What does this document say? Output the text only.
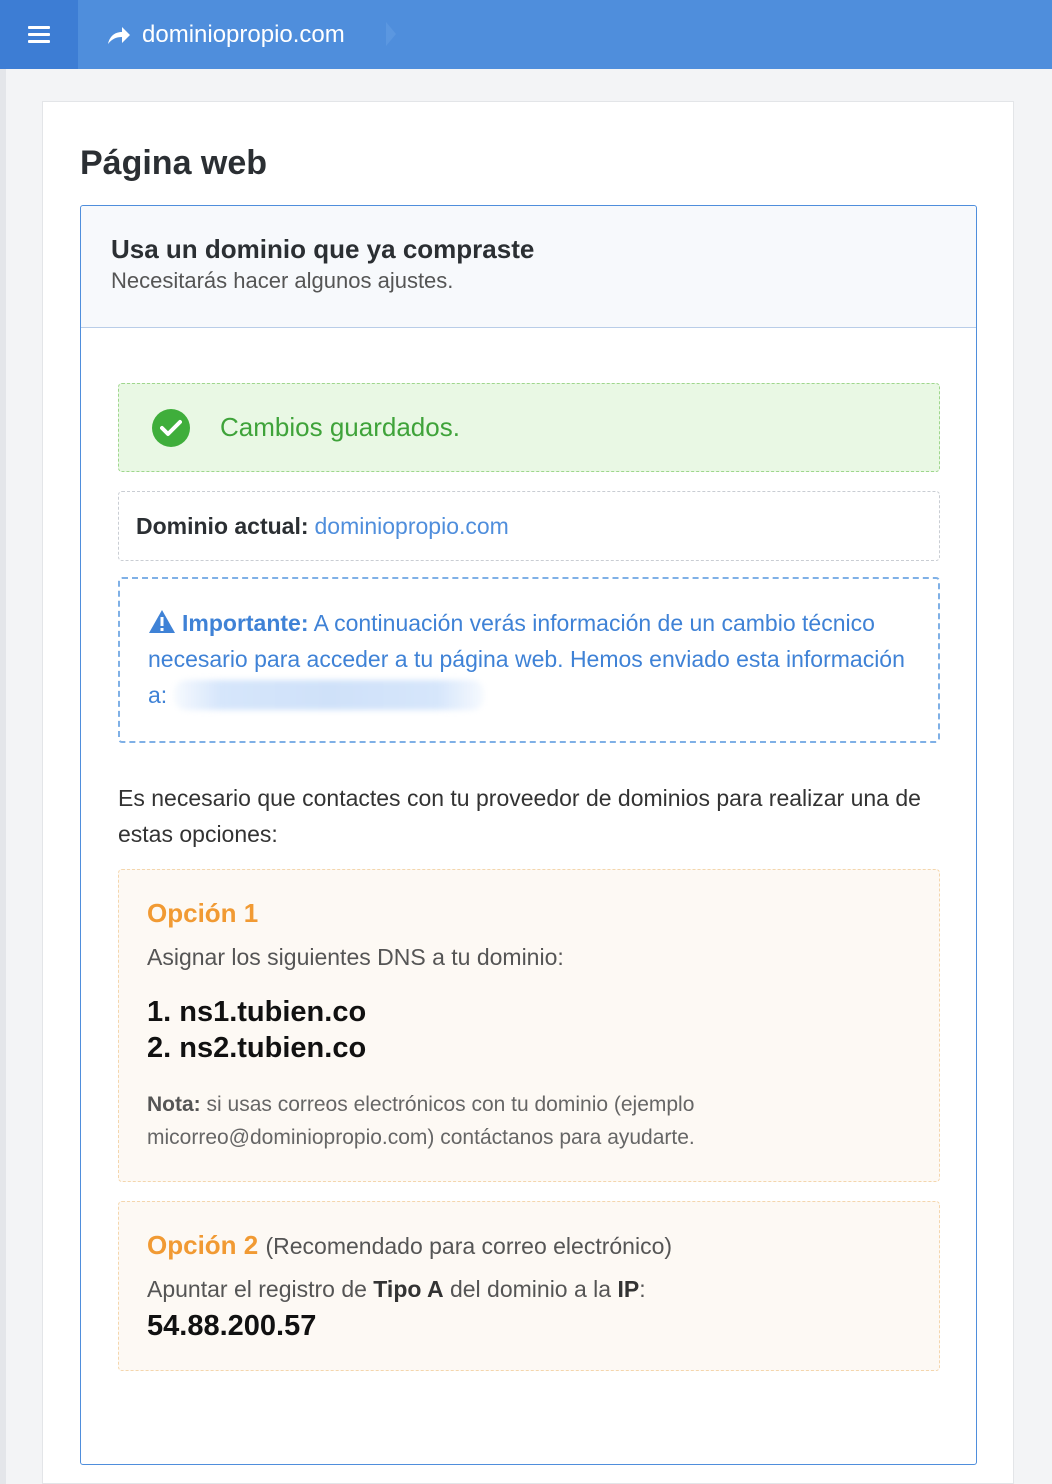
dominiopropio.com
Página web
Usa un dominio que ya compraste

Necesitarás hacer algunos ajustes.

Cambios guardados.
Dominio actual: dominiopropio.com
Importante: A continuación verás información de un cambio técnico necesario para acceder a tu página web. Hemos enviado esta información a:

Es necesario que contactes con tu proveedor de dominios para realizar una de estas opciones:

Opción 1
Asignar los siguientes DNS a tu dominio:
1. ns1.tubien.co
2. ns2.tubien.co
Nota: si usas correos electrónicos con tu dominio (ejemplo micorreo@dominiopropio.com) contáctanos para ayudarte.
Opción 2 (Recomendado para correo electrónico)
Apuntar el registro de Tipo A del dominio a la IP:
54.88.200.57
